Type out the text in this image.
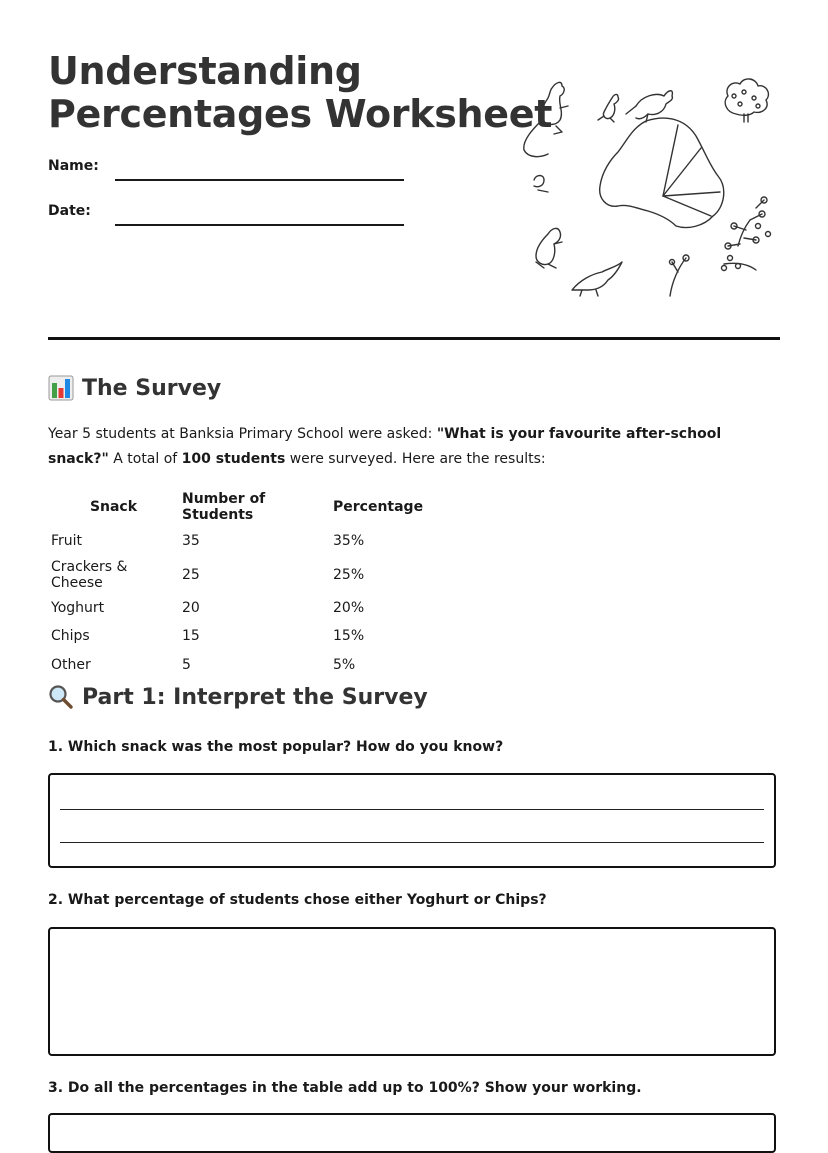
Understanding
Percentages Worksheet
Name:
Date:
The Survey

Year 5 students at Banksia Primary School were asked: "What is your favourite after-school snack?" A total of 100 students were surveyed. Here are the results:

Snack	Number of Students	Percentage
Fruit	35	35%
Crackers & Cheese	25	25%
Yoghurt	20	20%
Chips	15	15%
Other	5	5%
Part 1: Interpret the Survey

1. Which snack was the most popular? How do you know?

2. What percentage of students chose either Yoghurt or Chips?

3. Do all the percentages in the table add up to 100%? Show your working.
